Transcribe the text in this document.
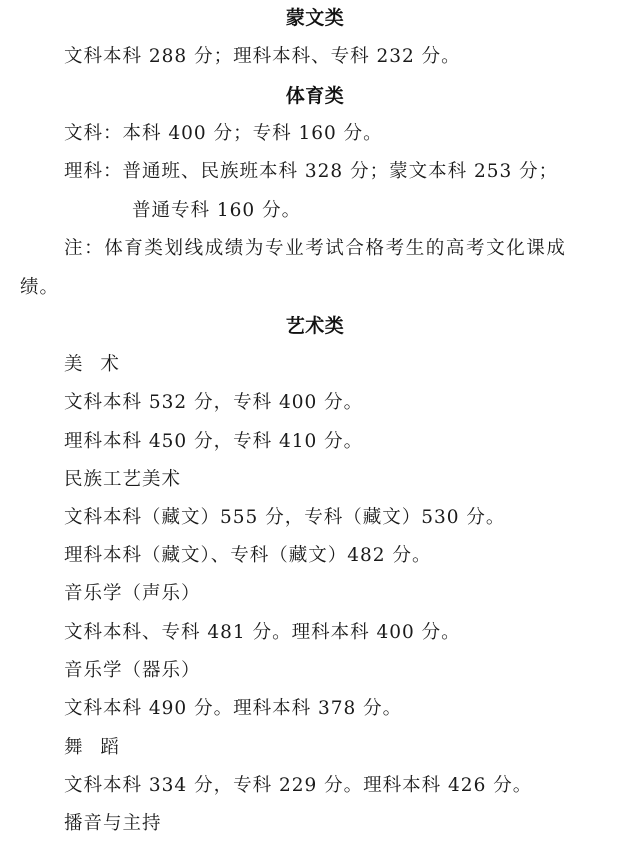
蒙文类
文科本科 288 分；理科本科、专科 232 分。
体育类
文科：本科 400 分；专科 160 分。
理科：普通班、民族班本科 328 分；蒙文本科 253 分；
普通专科 160 分。
注：体育类划线成绩为专业考试合格考生的高考文化课成
绩。
艺术类
美 术
文科本科 532 分，专科 400 分。
理科本科 450 分，专科 410 分。
民族工艺美术
文科本科（藏文）555 分，专科（藏文）530 分。
理科本科（藏文）、专科（藏文）482 分。
音乐学（声乐）
文科本科、专科 481 分。理科本科 400 分。
音乐学（器乐）
文科本科 490 分。理科本科 378 分。
舞 蹈
文科本科 334 分，专科 229 分。理科本科 426 分。
播音与主持
